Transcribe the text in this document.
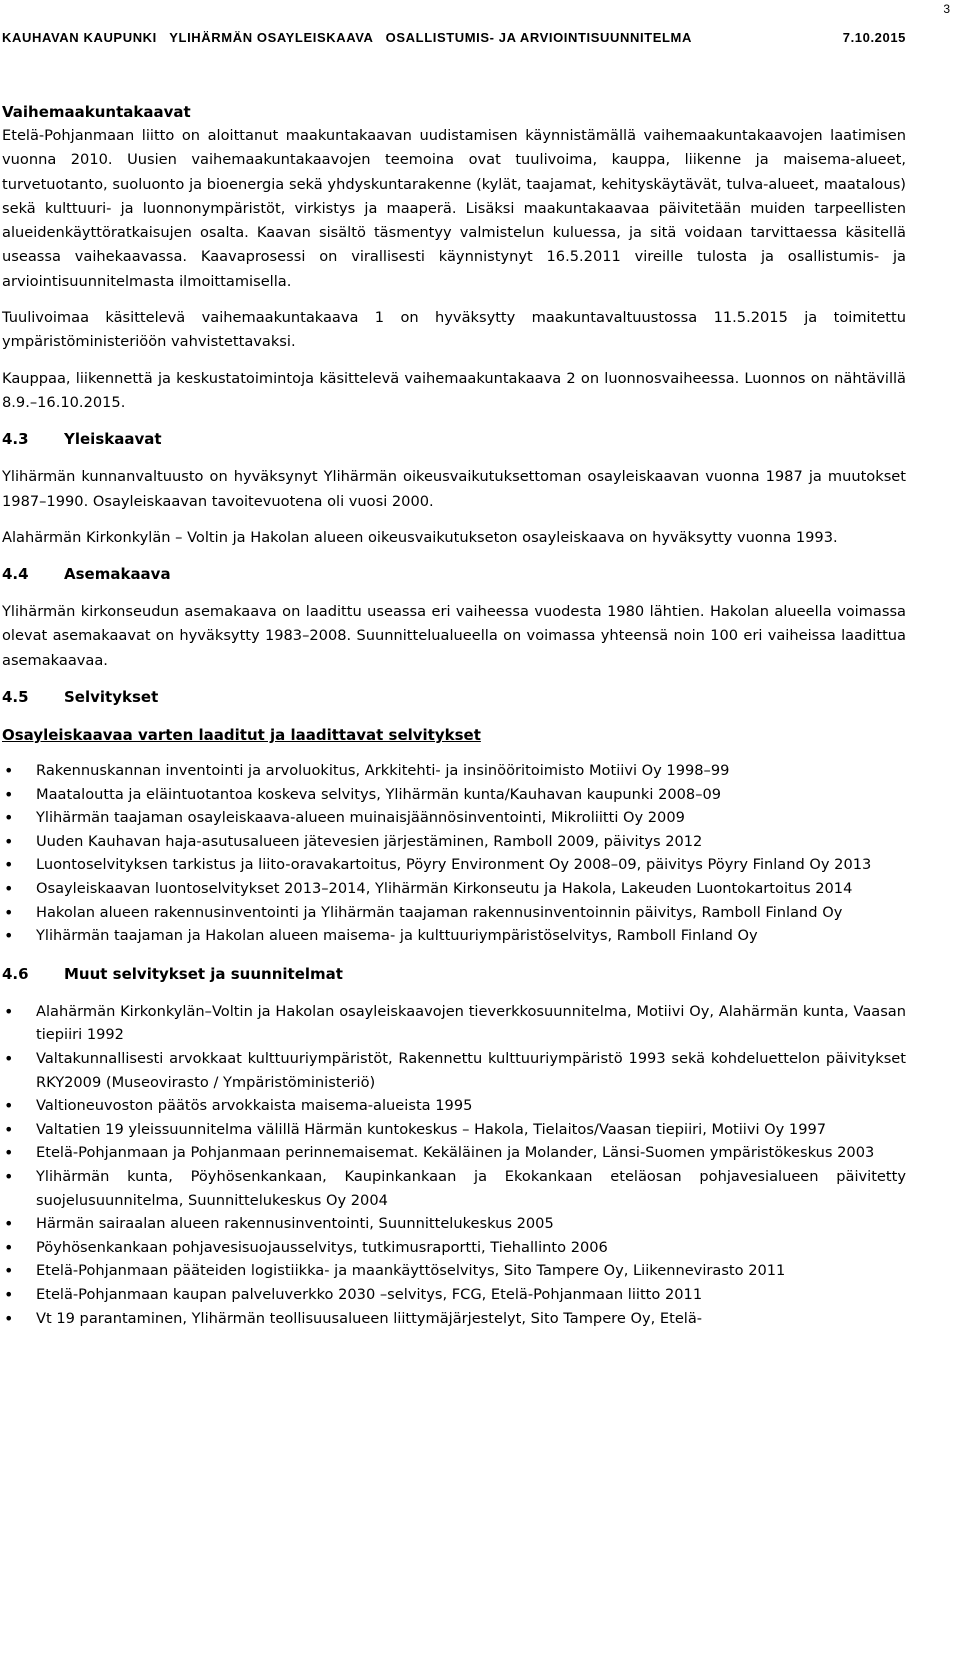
3
KAUHAVAN KAUPUNKI   YLIHÄRMÄN OSAYLEISKAAVA   OSALLISTUMIS- JA ARVIOINTISUUNNITELMA	7.10.2015
Vaihemaakuntakaavat

Etelä-Pohjanmaan liitto on aloittanut maakuntakaavan uudistamisen käynnistämällä vaihemaakuntakaavojen laatimisen vuonna 2010. Uusien vaihemaakuntakaavojen teemoina ovat tuulivoima, kauppa, liikenne ja maisema-alueet, turvetuotanto, suoluonto ja bioenergia sekä yhdyskuntarakenne (kylät, taajamat, kehityskäytävät, tulva-alueet, maatalous) sekä kulttuuri- ja luonnonympäristöt, virkistys ja maaperä. Lisäksi maakuntakaavaa päivitetään muiden tarpeellisten alueidenkäyttöratkaisujen osalta. Kaavan sisältö täsmentyy valmistelun kuluessa, ja sitä voidaan tarvittaessa käsitellä useassa vaihekaavassa. Kaavaprosessi on virallisesti käynnistynyt 16.5.2011 vireille tulosta ja osallistumis- ja arviointisuunnitelmasta ilmoittamisella.

Tuulivoimaa käsittelevä vaihemaakuntakaava 1 on hyväksytty maakuntavaltuustossa 11.5.2015 ja toimitettu ympäristöministeriöön vahvistettavaksi.

Kauppaa, liikennettä ja keskustatoimintoja käsittelevä vaihemaakuntakaava 2 on luonnosvaiheessa. Luonnos on nähtävillä 8.9.–16.10.2015.

4.3	Yleiskaavat

Ylihärmän kunnanvaltuusto on hyväksynyt Ylihärmän oikeusvaikutuksettoman osayleiskaavan vuonna 1987 ja muutokset 1987–1990. Osayleiskaavan tavoitevuotena oli vuosi 2000.

Alahärmän Kirkonkylän – Voltin ja Hakolan alueen oikeusvaikutukseton osayleiskaava on hyväksytty vuonna 1993.

4.4	Asemakaava

Ylihärmän kirkonseudun asemakaava on laadittu useassa eri vaiheessa vuodesta 1980 lähtien. Hakolan alueella voimassa olevat asemakaavat on hyväksytty 1983–2008. Suunnittelualueella on voimassa yhteensä noin 100 eri vaiheissa laadittua asemakaavaa.

4.5	Selvitykset
Osayleiskaavaa varten laaditut ja laadittavat selvitykset
• Rakennuskannan inventointi ja arvoluokitus, Arkkitehti- ja insinööritoimisto Motiivi Oy 1998–99
• Maataloutta ja eläintuotantoa koskeva selvitys, Ylihärmän kunta/Kauhavan kaupunki 2008–09
• Ylihärmän taajaman osayleiskaava-alueen muinaisjäännösinventointi, Mikroliitti Oy 2009
• Uuden Kauhavan haja-asutusalueen jätevesien järjestäminen, Ramboll 2009, päivitys 2012
• Luontoselvityksen tarkistus ja liito-oravakartoitus, Pöyry Environment Oy 2008–09, päivitys Pöyry Finland Oy 2013
• Osayleiskaavan luontoselvitykset 2013–2014, Ylihärmän Kirkonseutu ja Hakola, Lakeuden Luontokartoitus 2014
• Hakolan alueen rakennusinventointi ja Ylihärmän taajaman rakennusinventoinnin päivitys, Ramboll Finland Oy
• Ylihärmän taajaman ja Hakolan alueen maisema- ja kulttuuriympäristöselvitys, Ramboll Finland Oy
4.6	Muut selvitykset ja suunnitelmat
• Alahärmän Kirkonkylän–Voltin ja Hakolan osayleiskaavojen tieverkkosuunnitelma, Motiivi Oy, Alahärmän kunta, Vaasan tiepiiri 1992
• Valtakunnallisesti arvokkaat kulttuuriympäristöt, Rakennettu kulttuuriympäristö 1993 sekä kohdeluettelon päivitykset RKY2009 (Museovirasto / Ympäristöministeriö)
• Valtioneuvoston päätös arvokkaista maisema-alueista 1995
• Valtatien 19 yleissuunnitelma välillä Härmän kuntokeskus – Hakola, Tielaitos/Vaasan tiepiiri, Motiivi Oy 1997
• Etelä-Pohjanmaan ja Pohjanmaan perinnemaisemat. Kekäläinen ja Molander, Länsi-Suomen ympäristökeskus 2003
• Ylihärmän kunta, Pöyhösenkankaan, Kaupinkankaan ja Ekokankaan eteläosan pohjavesialueen päivitetty suojelusuunnitelma, Suunnittelukeskus Oy 2004
• Härmän sairaalan alueen rakennusinventointi, Suunnittelukeskus 2005
• Pöyhösenkankaan pohjavesisuojausselvitys, tutkimusraportti, Tiehallinto 2006
• Etelä-Pohjanmaan pääteiden logistiikka- ja maankäyttöselvitys, Sito Tampere Oy, Liikennevirasto 2011
• Etelä-Pohjanmaan kaupan palveluverkko 2030 –selvitys, FCG, Etelä-Pohjanmaan liitto 2011
• Vt 19 parantaminen, Ylihärmän teollisuusalueen liittymäjärjestelyt, Sito Tampere Oy, Etelä-
